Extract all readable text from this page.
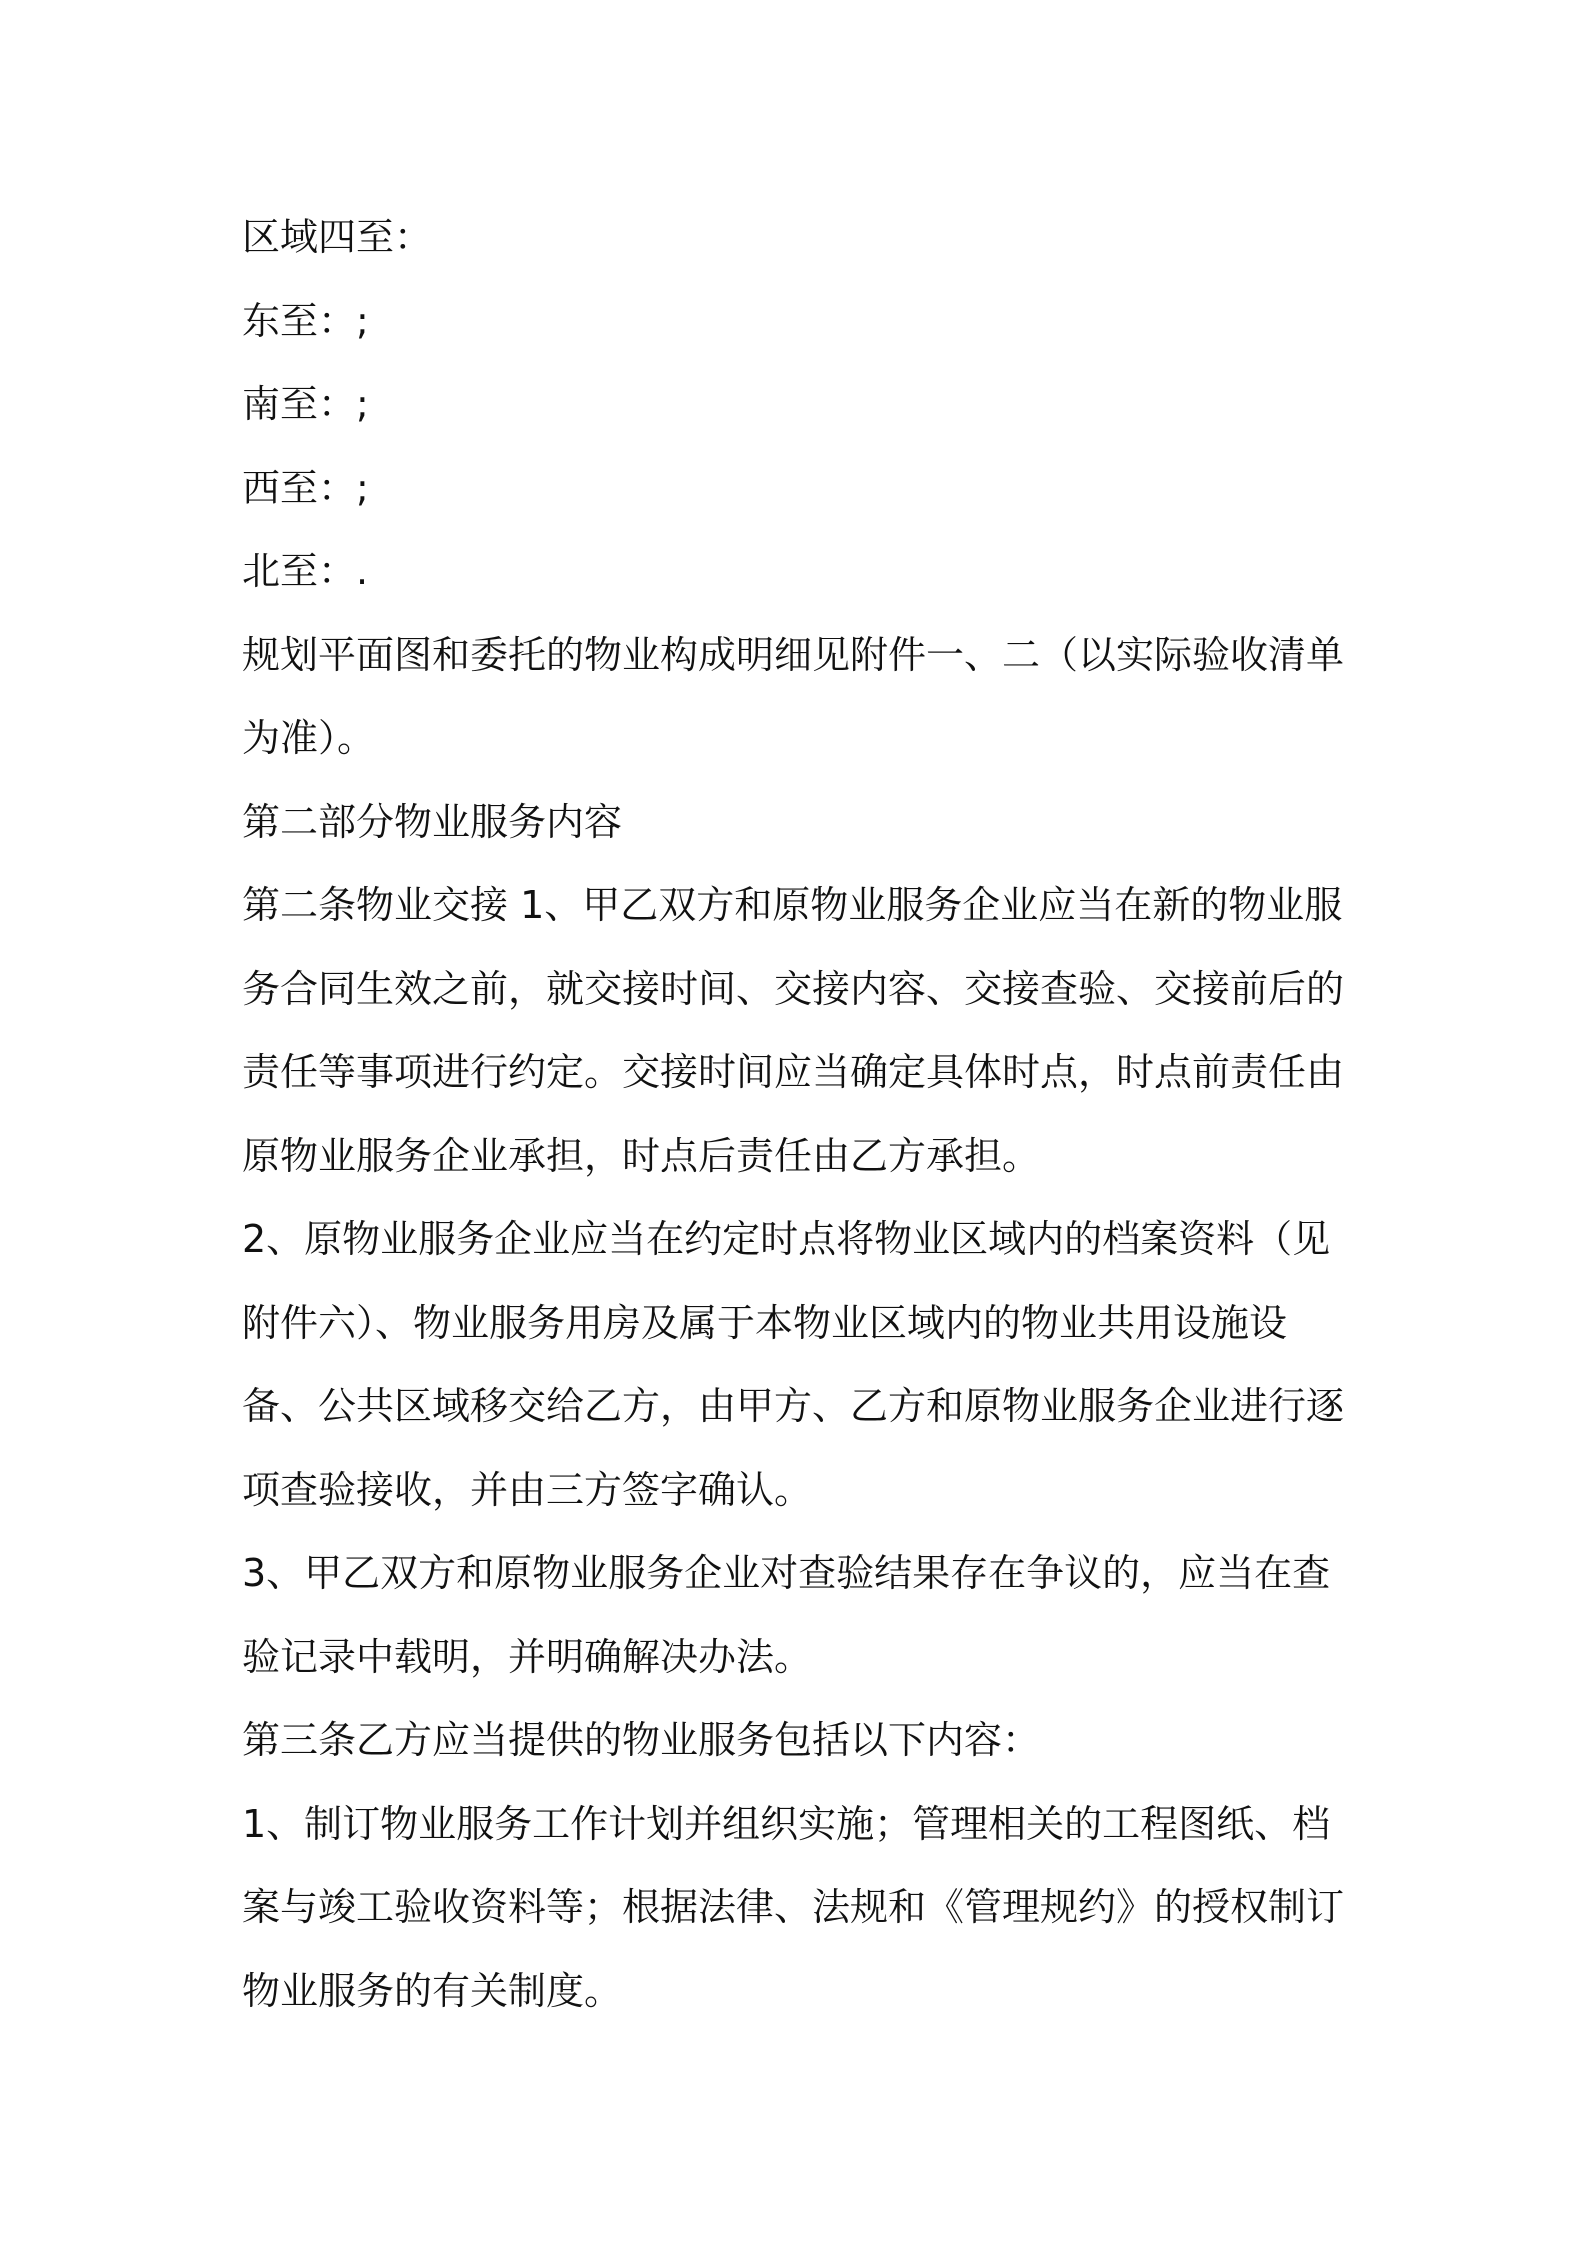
区域四至：

东至：;

南至：;

西至：;

北至：.

规划平面图和委托的物业构成明细见附件一、二（以实际验收清单为准）。

第二部分物业服务内容

第二条物业交接 1、甲乙双方和原物业服务企业应当在新的物业服务合同生效之前，就交接时间、交接内容、交接查验、交接前后的责任等事项进行约定。交接时间应当确定具体时点，时点前责任由原物业服务企业承担，时点后责任由乙方承担。

2、原物业服务企业应当在约定时点将物业区域内的档案资料（见附件六）、物业服务用房及属于本物业区域内的物业共用设施设备、公共区域移交给乙方，由甲方、乙方和原物业服务企业进行逐项查验接收，并由三方签字确认。

3、甲乙双方和原物业服务企业对查验结果存在争议的，应当在查验记录中载明，并明确解决办法。

第三条乙方应当提供的物业服务包括以下内容：

1、制订物业服务工作计划并组织实施；管理相关的工程图纸、档案与竣工验收资料等；根据法律、法规和《管理规约》的授权制订物业服务的有关制度。
